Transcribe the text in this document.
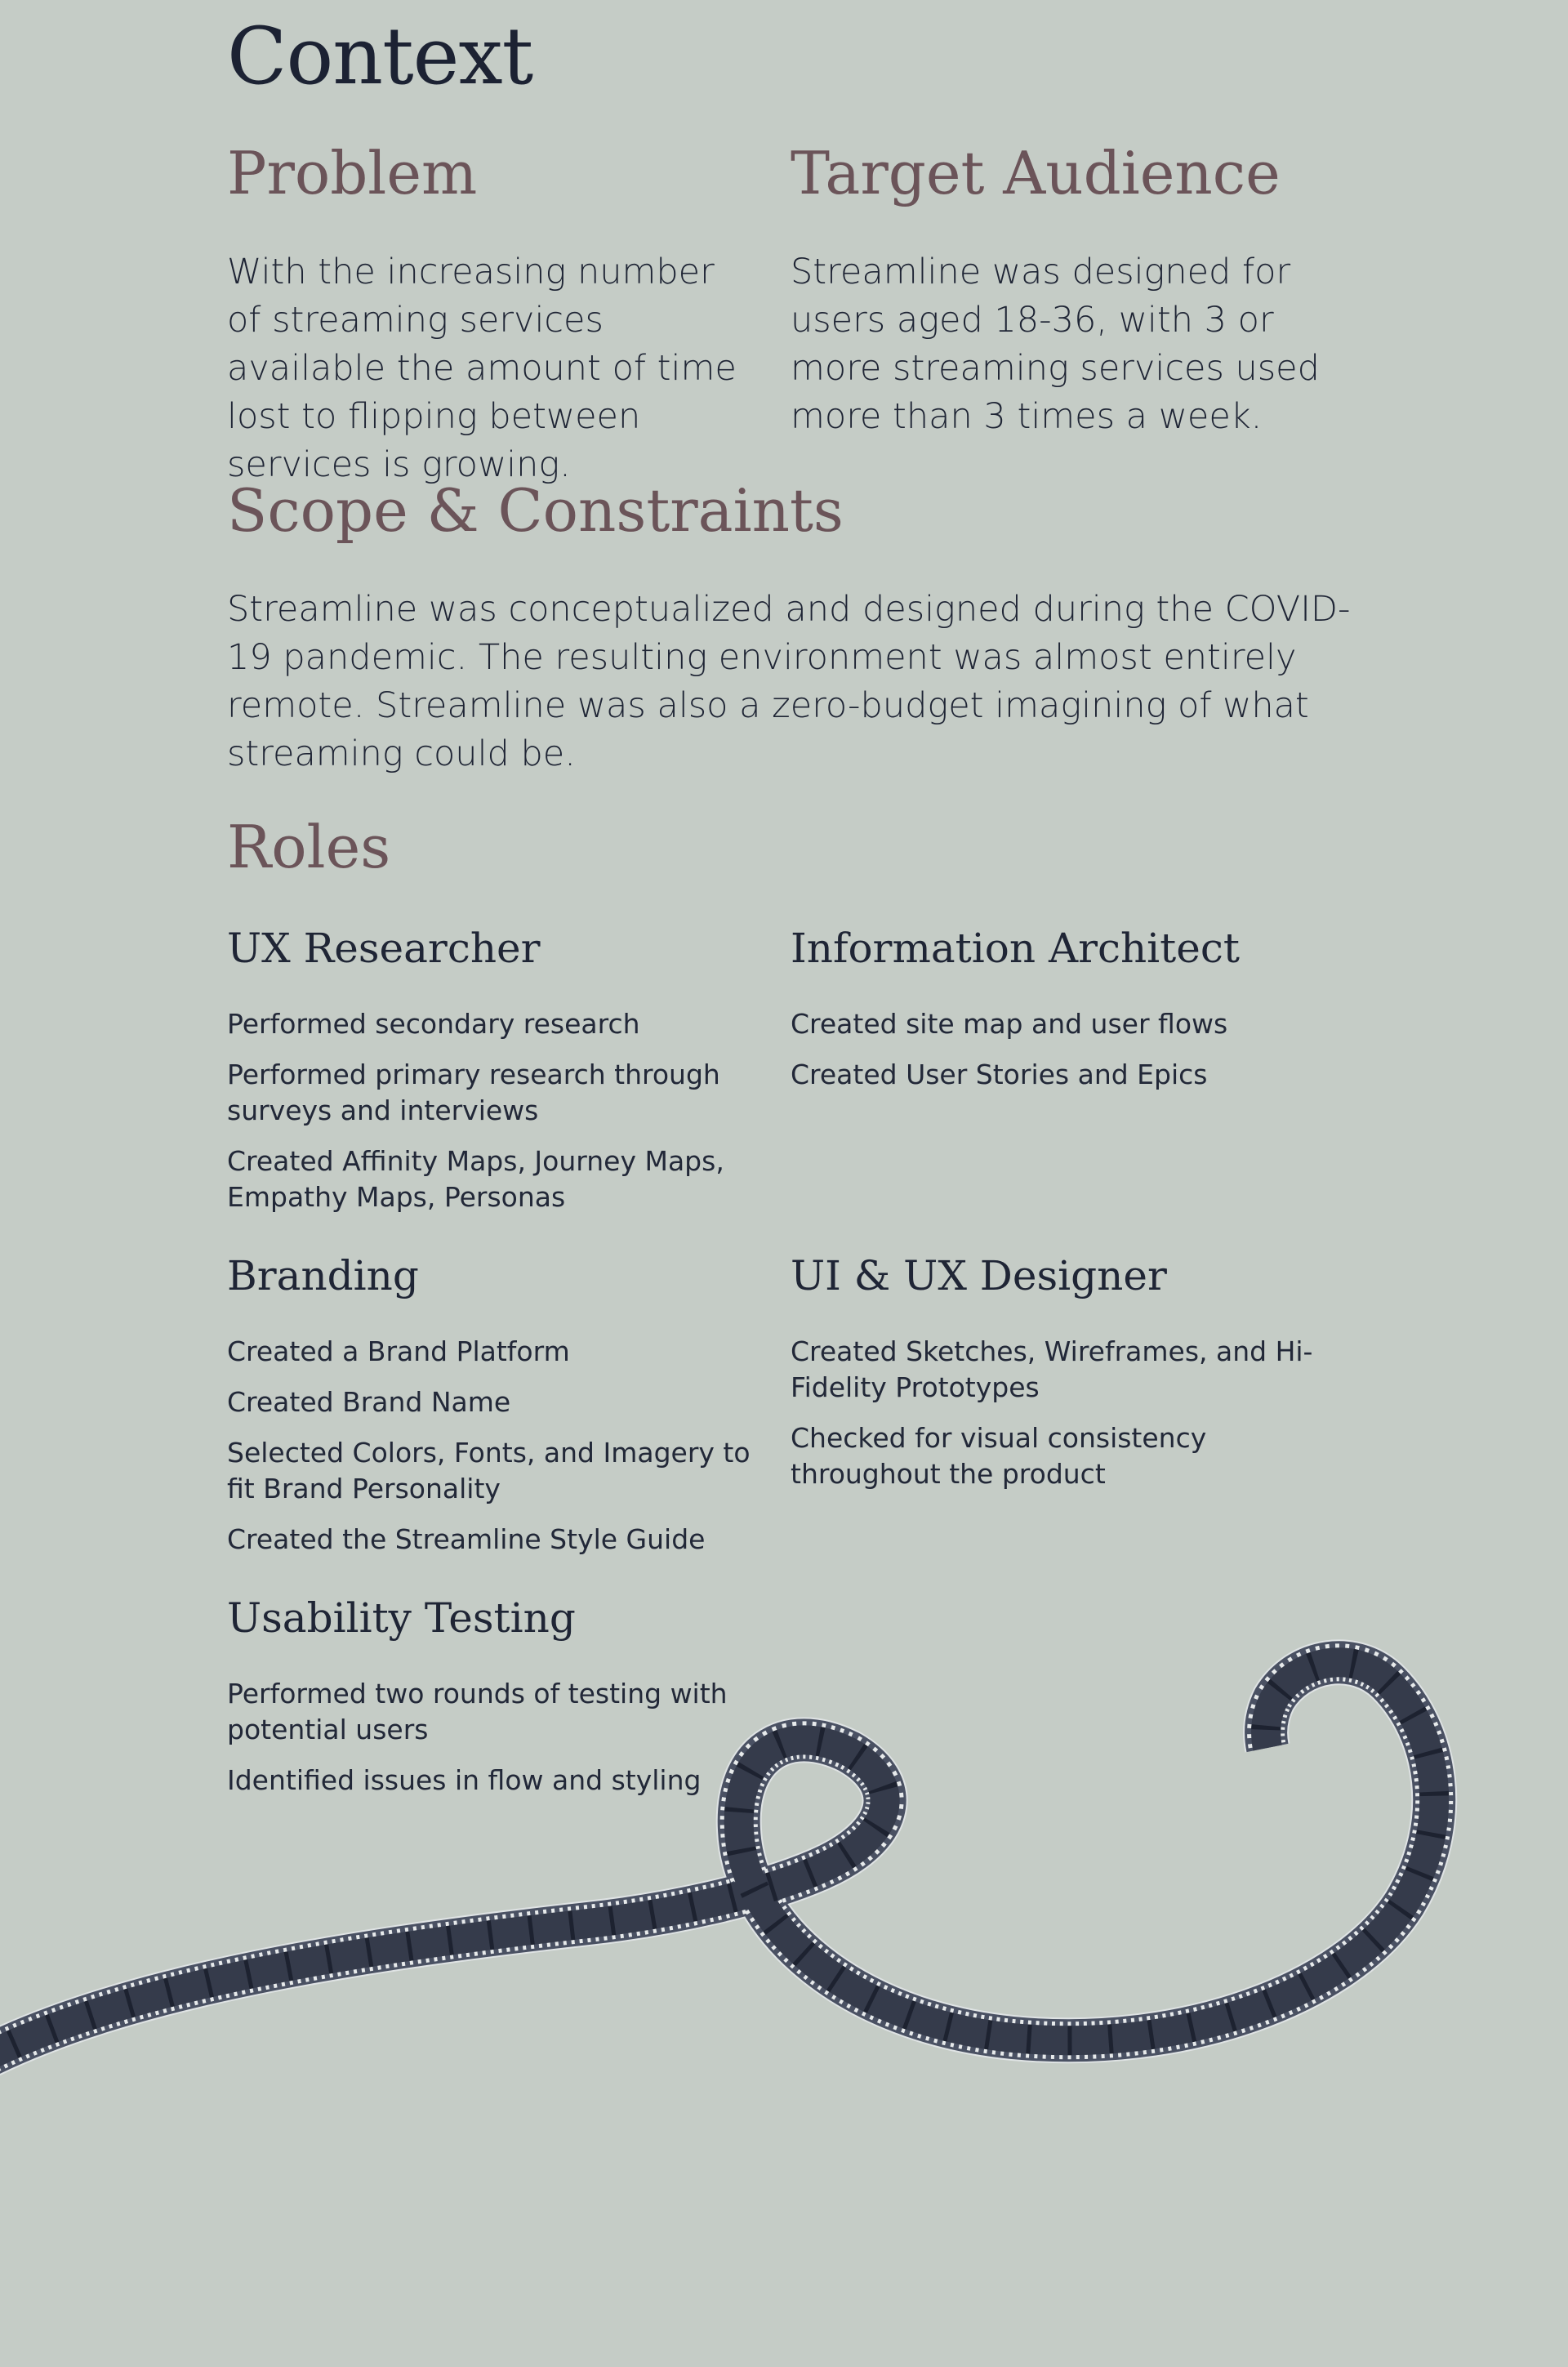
Context
Problem

With the increasing number of streaming services available the amount of time lost to flipping between services is growing.

Target Audience

Streamline was designed for users aged 18-36, with 3 or more streaming services used more than 3 times a week.

Scope & Constraints

Streamline was conceptualized and designed during the COVID-19 pandemic. The resulting environment was almost entirely remote. Streamline was also a zero-budget imagining of what streaming could be.

Roles
UX Researcher
Performed secondary research
Performed primary research through surveys and interviews
Created Affinity Maps, Journey Maps, Empathy Maps, Personas
Information Architect
Created site map and user flows
Created User Stories and Epics
Branding
Created a Brand Platform
Created Brand Name
Selected Colors, Fonts, and Imagery to fit Brand Personality
Created the Streamline Style Guide
UI & UX Designer
Created Sketches, Wireframes, and Hi-Fidelity Prototypes
Checked for visual consistency throughout the product
Usability Testing
Performed two rounds of testing with potential users
Identified issues in flow and styling
